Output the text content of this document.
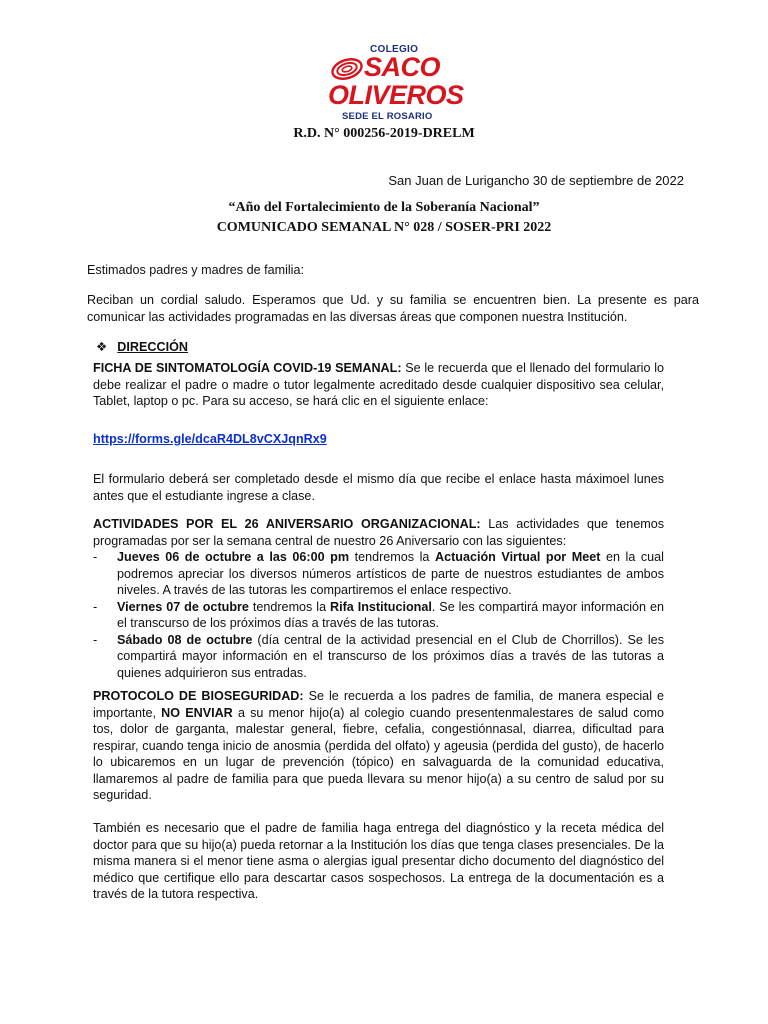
COLEGIO
SACO
OLIVEROS
SEDE EL ROSARIO
R.D. N° 000256-2019-DRELM
San Juan de Lurigancho 30 de septiembre de 2022
“Año del Fortalecimiento de la Soberanía Nacional”
COMUNICADO SEMANAL N° 028 / SOSER-PRI 2022

Estimados padres y madres de familia:

Reciban un cordial saludo. Esperamos que Ud. y su familia se encuentren bien. La presente es para comunicar las actividades programadas en las diversas áreas que componen nuestra Institución.

❖ DIRECCIÓN

FICHA DE SINTOMATOLOGÍA COVID-19 SEMANAL: Se le recuerda que el llenado del formulario lo debe realizar el padre o madre o tutor legalmente acreditado desde cualquier dispositivo sea celular, Tablet, laptop o pc. Para su acceso, se hará clic en el siguiente enlace:

https://forms.gle/dcaR4DL8vCXJqnRx9

El formulario deberá ser completado desde el mismo día que recibe el enlace hasta máximoel lunes antes que el estudiante ingrese a clase.

ACTIVIDADES POR EL 26 ANIVERSARIO ORGANIZACIONAL: Las actividades que tenemos programadas por ser la semana central de nuestro 26 Aniversario con las siguientes:
- Jueves 06 de octubre a las 06:00 pm tendremos la Actuación Virtual por Meet en la cual podremos apreciar los diversos números artísticos de parte de nuestros estudiantes de ambos niveles. A través de las tutoras les compartiremos el enlace respectivo.
- Viernes 07 de octubre tendremos la Rifa Institucional. Se les compartirá mayor información en el transcurso de los próximos días a través de las tutoras.
- Sábado 08 de octubre (día central de la actividad presencial en el Club de Chorrillos). Se les compartirá mayor información en el transcurso de los próximos días a través de las tutoras a quienes adquirieron sus entradas.

PROTOCOLO DE BIOSEGURIDAD: Se le recuerda a los padres de familia, de manera especial e importante, NO ENVIAR a su menor hijo(a) al colegio cuando presentenmalestares de salud como tos, dolor de garganta, malestar general, fiebre, cefalia, congestiónnasal, diarrea, dificultad para respirar, cuando tenga inicio de anosmia (perdida del olfato) y ageusia (perdida del gusto), de hacerlo lo ubicaremos en un lugar de prevención (tópico) en salvaguarda de la comunidad educativa, llamaremos al padre de familia para que pueda llevara su menor hijo(a) a su centro de salud por su seguridad.

También es necesario que el padre de familia haga entrega del diagnóstico y la receta médica del doctor para que su hijo(a) pueda retornar a la Institución los días que tenga clases presenciales. De la misma manera si el menor tiene asma o alergias igual presentar dicho documento del diagnóstico del médico que certifique ello para descartar casos sospechosos. La entrega de la documentación es a través de la tutora respectiva.
